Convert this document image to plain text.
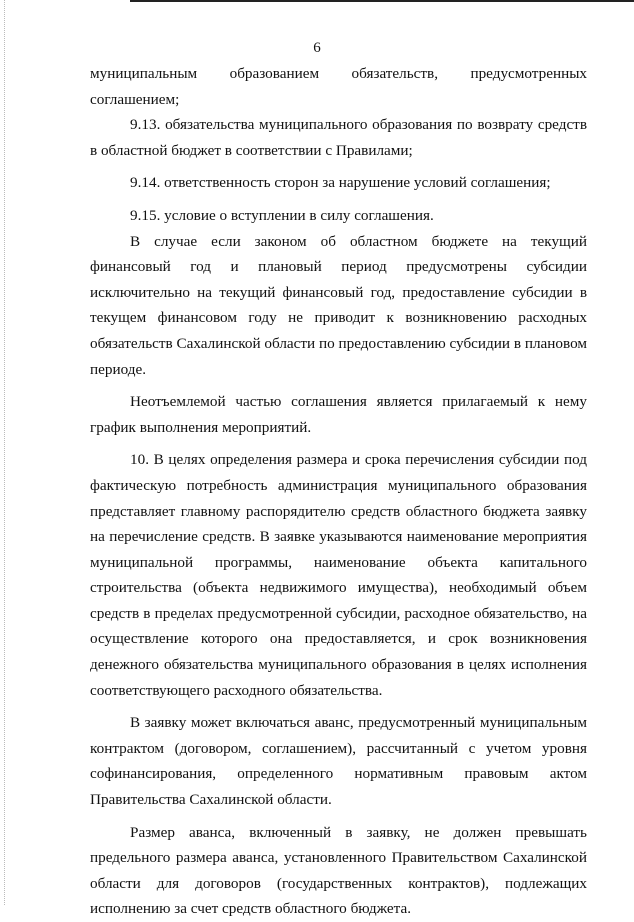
6

муниципальным образованием обязательств, предусмотренных соглашением;

9.13. обязательства муниципального образования по возврату средств в областной бюджет в соответствии с Правилами;

9.14. ответственность сторон за нарушение условий соглашения;

9.15. условие о вступлении в силу соглашения.

В случае если законом об областном бюджете на текущий финансовый год и плановый период предусмотрены субсидии исключительно на текущий финансовый год, предоставление субсидии в текущем финансовом году не приводит к возникновению расходных обязательств Сахалинской области по предоставлению субсидии в плановом периоде.

Неотъемлемой частью соглашения является прилагаемый к нему график выполнения мероприятий.

10. В целях определения размера и срока перечисления субсидии под фактическую потребность администрация муниципального образования представляет главному распорядителю средств областного бюджета заявку на перечисление средств. В заявке указываются наименование мероприятия муниципальной программы, наименование объекта капитального строительства (объекта недвижимого имущества), необходимый объем средств в пределах предусмотренной субсидии, расходное обязательство, на осуществление которого она предоставляется, и срок возникновения денежного обязательства муниципального образования в целях исполнения соответствующего расходного обязательства.

В заявку может включаться аванс, предусмотренный муниципальным контрактом (договором, соглашением), рассчитанный с учетом уровня софинансирования, определенного нормативным правовым актом Правительства Сахалинской области.

Размер аванса, включенный в заявку, не должен превышать предельного размера аванса, установленного Правительством Сахалинской области для договоров (государственных контрактов), подлежащих исполнению за счет средств областного бюджета.
